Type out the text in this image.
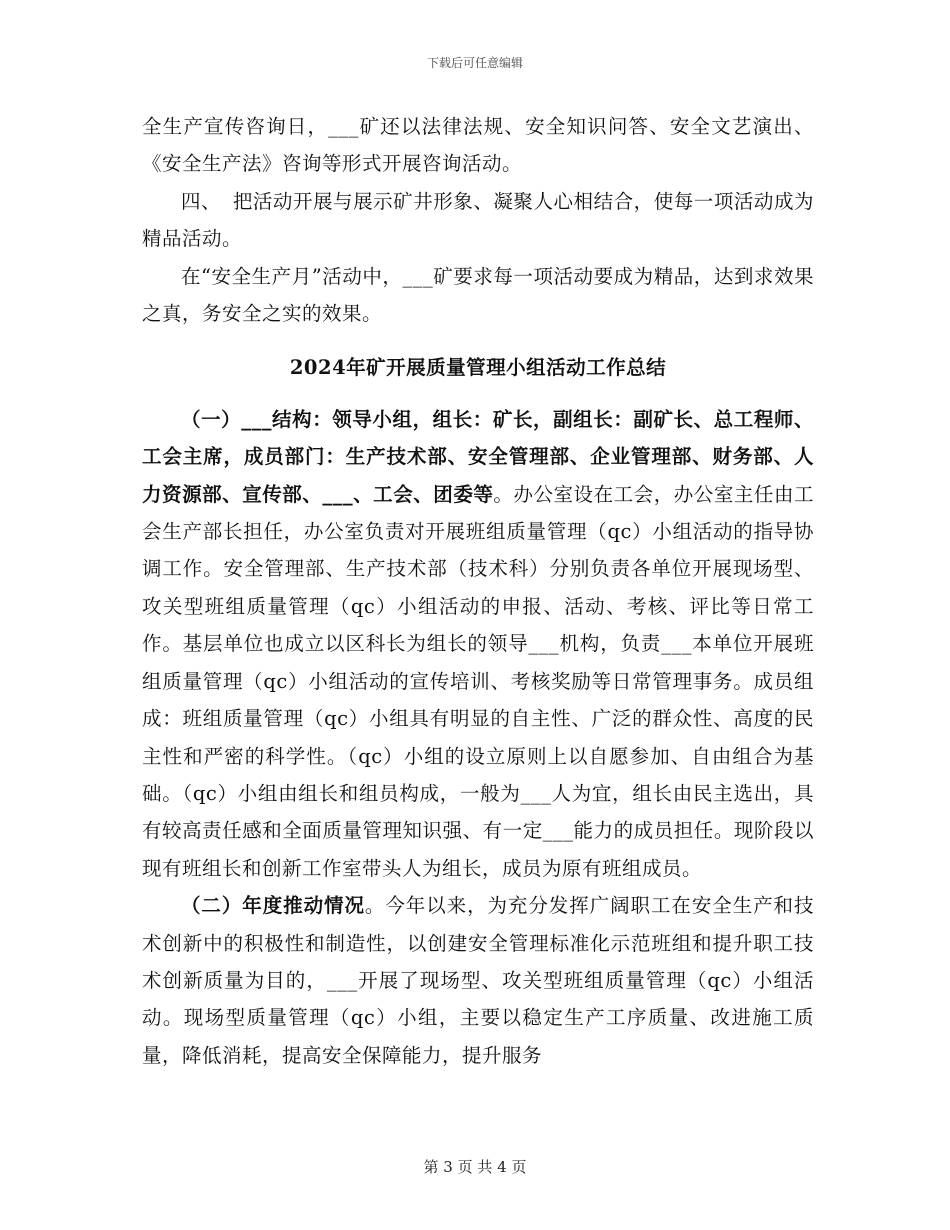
下载后可任意编辑

全生产宣传咨询日，___矿还以法律法规、安全知识问答、安全文艺演出、《安全生产法》咨询等形式开展咨询活动。

四、 把活动开展与展示矿井形象、凝聚人心相结合，使每一项活动成为精品活动。

在“安全生产月”活动中，___矿要求每一项活动要成为精品，达到求效果之真，务安全之实的效果。

2024年矿开展质量管理小组活动工作总结

（一）___结构：领导小组，组长：矿长，副组长：副矿长、总工程师、工会主席，成员部门：生产技术部、安全管理部、企业管理部、财务部、人力资源部、宣传部、___、工会、团委等。办公室设在工会，办公室主任由工会生产部长担任，办公室负责对开展班组质量管理（qc）小组活动的指导协调工作。安全管理部、生产技术部（技术科）分别负责各单位开展现场型、攻关型班组质量管理（qc）小组活动的申报、活动、考核、评比等日常工作。基层单位也成立以区科长为组长的领导___机构，负责___本单位开展班组质量管理（qc）小组活动的宣传培训、考核奖励等日常管理事务。成员组成：班组质量管理（qc）小组具有明显的自主性、广泛的群众性、高度的民主性和严密的科学性。（qc）小组的设立原则上以自愿参加、自由组合为基础。（qc）小组由组长和组员构成，一般为___人为宜，组长由民主选出，具有较高责任感和全面质量管理知识强、有一定___能力的成员担任。现阶段以现有班组长和创新工作室带头人为组长，成员为原有班组成员。

（二）年度推动情况。今年以来，为充分发挥广阔职工在安全生产和技术创新中的积极性和制造性，以创建安全管理标准化示范班组和提升职工技术创新质量为目的，___开展了现场型、攻关型班组质量管理（qc）小组活动。现场型质量管理（qc）小组，主要以稳定生产工序质量、改进施工质量，降低消耗，提高安全保障能力，提升服务

第 3 页 共 4 页
